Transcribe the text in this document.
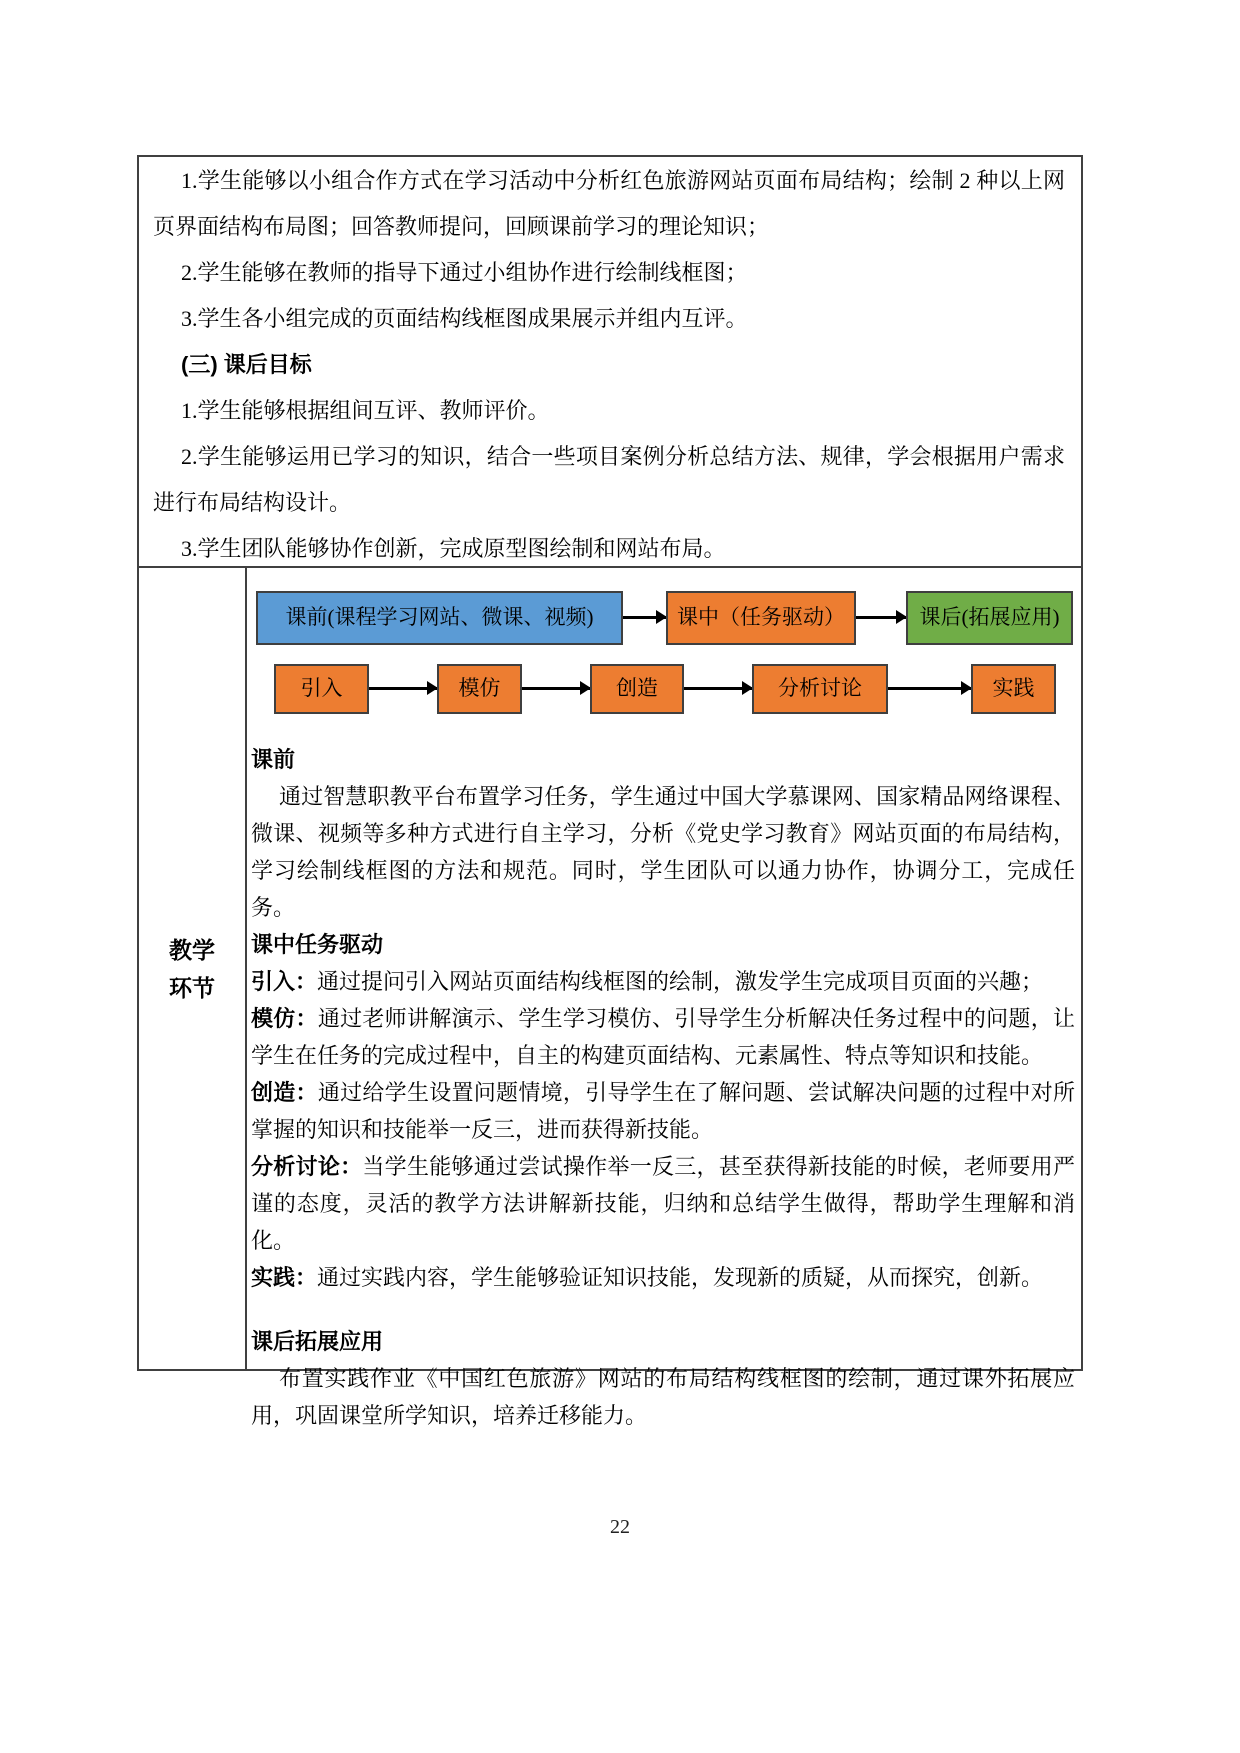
1.学生能够以小组合作方式在学习活动中分析红色旅游网站页面布局结构；绘制 2 种以上网页界面结构布局图；回答教师提问，回顾课前学习的理论知识；

2.学生能够在教师的指导下通过小组协作进行绘制线框图；

3.学生各小组完成的页面结构线框图成果展示并组内互评。

(三) 课后目标

1.学生能够根据组间互评、教师评价。

2.学生能够运用已学习的知识，结合一些项目案例分析总结方法、规律，学会根据用户需求进行布局结构设计。

3.学生团队能够协作创新，完成原型图绘制和网站布局。

教学
环节
课前(课程学习网站、微课、视频)	课中（任务驱动）	课后(拓展应用)
引入	模仿	创造	分析讨论	实践

课前

通过智慧职教平台布置学习任务，学生通过中国大学慕课网、国家精品网络课程、微课、视频等多种方式进行自主学习，分析《党史学习教育》网站页面的布局结构，学习绘制线框图的方法和规范。同时，学生团队可以通力协作，协调分工，完成任务。

课中任务驱动

引入：通过提问引入网站页面结构线框图的绘制，激发学生完成项目页面的兴趣；

模仿：通过老师讲解演示、学生学习模仿、引导学生分析解决任务过程中的问题，让学生在任务的完成过程中，自主的构建页面结构、元素属性、特点等知识和技能。

创造：通过给学生设置问题情境，引导学生在了解问题、尝试解决问题的过程中对所掌握的知识和技能举一反三，进而获得新技能。

分析讨论：当学生能够通过尝试操作举一反三，甚至获得新技能的时候，老师要用严谨的态度，灵活的教学方法讲解新技能，归纳和总结学生做得，帮助学生理解和消化。

实践：通过实践内容，学生能够验证知识技能，发现新的质疑，从而探究，创新。

课后拓展应用

布置实践作业《中国红色旅游》网站的布局结构线框图的绘制，通过课外拓展应用，巩固课堂所学知识，培养迁移能力。

22
